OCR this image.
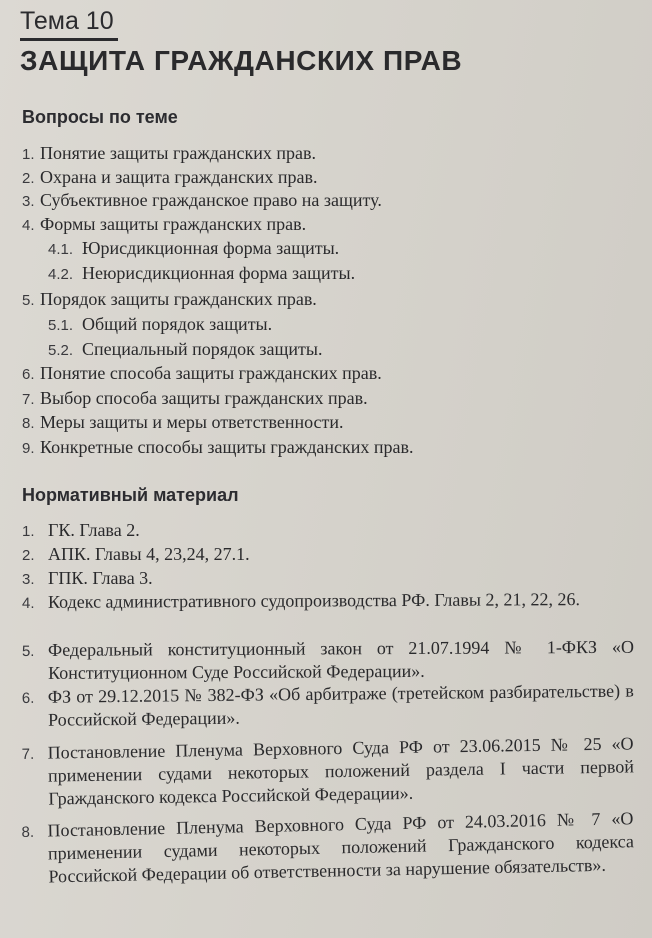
Тема 10
ЗАЩИТА ГРАЖДАНСКИХ ПРАВ
Вопросы по теме
1. Понятие защиты гражданских прав.
2. Охрана и защита гражданских прав.
3. Субъективное гражданское право на защиту.
4. Формы защиты гражданских прав.
4.1. Юрисдикционная форма защиты.
4.2. Неюрисдикционная форма защиты.
5. Порядок защиты гражданских прав.
5.1. Общий порядок защиты.
5.2. Специальный порядок защиты.
6. Понятие способа защиты гражданских прав.
7. Выбор способа защиты гражданских прав.
8. Меры защиты и меры ответственности.
9. Конкретные способы защиты гражданских прав.
Нормативный материал
1. ГК. Глава 2.
2. АПК. Главы 4, 23,24, 27.1.
3. ГПК. Глава 3.
4. Кодекс административного судопроизводства РФ. Главы 2, 21, 22, 26.
5. Федеральный конституционный закон от 21.07.1994 № 1-ФКЗ «О Конституционном Суде Российской Федерации».
6. ФЗ от 29.12.2015 № 382-ФЗ «Об арбитраже (третейском разбирательстве) в Российской Федерации».
7. Постановление Пленума Верховного Суда РФ от 23.06.2015 № 25 «О применении судами некоторых положений раздела I части первой Гражданского кодекса Российской Федерации».
8. Постановление Пленума Верховного Суда РФ от 24.03.2016 № 7 «О применении судами некоторых положений Гражданского кодекса Российской Федерации об ответственности за нарушение обязательств».
